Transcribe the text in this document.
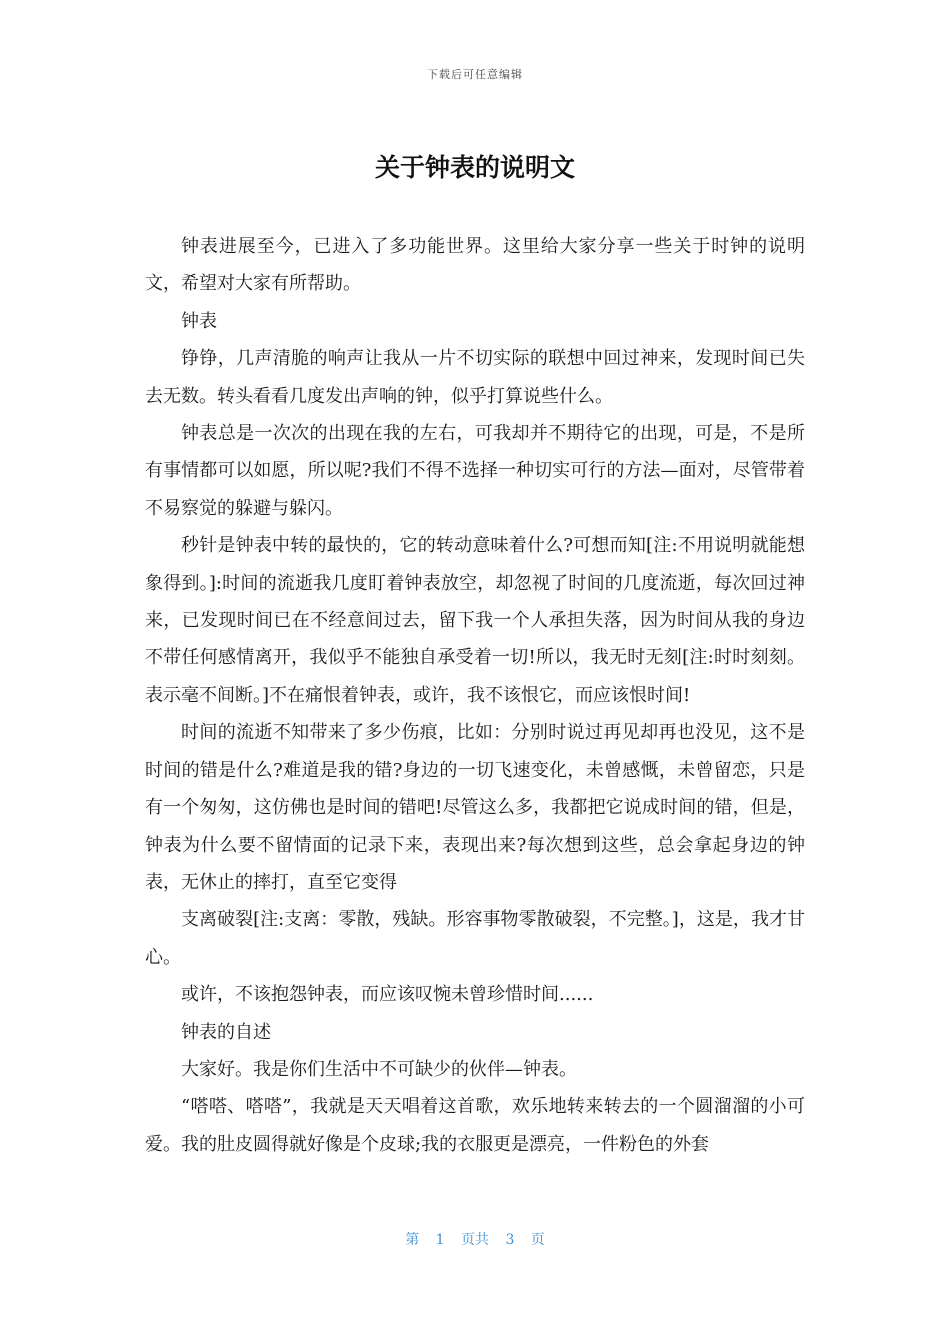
下载后可任意编辑
关于钟表的说明文

钟表进展至今，已进入了多功能世界。这里给大家分享一些关于时钟的说明文，希望对大家有所帮助。

钟表

铮铮，几声清脆的响声让我从一片不切实际的联想中回过神来，发现时间已失去无数。转头看看几度发出声响的钟，似乎打算说些什么。

钟表总是一次次的出现在我的左右，可我却并不期待它的出现，可是，不是所有事情都可以如愿，所以呢?我们不得不选择一种切实可行的方法—面对，尽管带着不易察觉的躲避与躲闪。

秒针是钟表中转的最快的，它的转动意味着什么?可想而知[注:不用说明就能想象得到。]:时间的流逝我几度盯着钟表放空，却忽视了时间的几度流逝，每次回过神来，已发现时间已在不经意间过去，留下我一个人承担失落，因为时间从我的身边不带任何感情离开，我似乎不能独自承受着一切!所以，我无时无刻[注:时时刻刻。表示毫不间断。]不在痛恨着钟表，或许，我不该恨它，而应该恨时间!

时间的流逝不知带来了多少伤痕，比如：分别时说过再见却再也没见，这不是时间的错是什么?难道是我的错?身边的一切飞速变化，未曾感慨，未曾留恋，只是有一个匆匆，这仿佛也是时间的错吧!尽管这么多，我都把它说成时间的错，但是，钟表为什么要不留情面的记录下来，表现出来?每次想到这些，总会拿起身边的钟表，无休止的摔打，直至它变得

支离破裂[注:支离：零散，残缺。形容事物零散破裂，不完整。]，这是，我才甘心。

或许，不该抱怨钟表，而应该叹惋未曾珍惜时间......

钟表的自述

大家好。我是你们生活中不可缺少的伙伴—钟表。

“嗒嗒、嗒嗒”，我就是天天唱着这首歌，欢乐地转来转去的一个圆溜溜的小可爱。我的肚皮圆得就好像是个皮球;我的衣服更是漂亮，一件粉色的外套

第 1 页共 3 页
